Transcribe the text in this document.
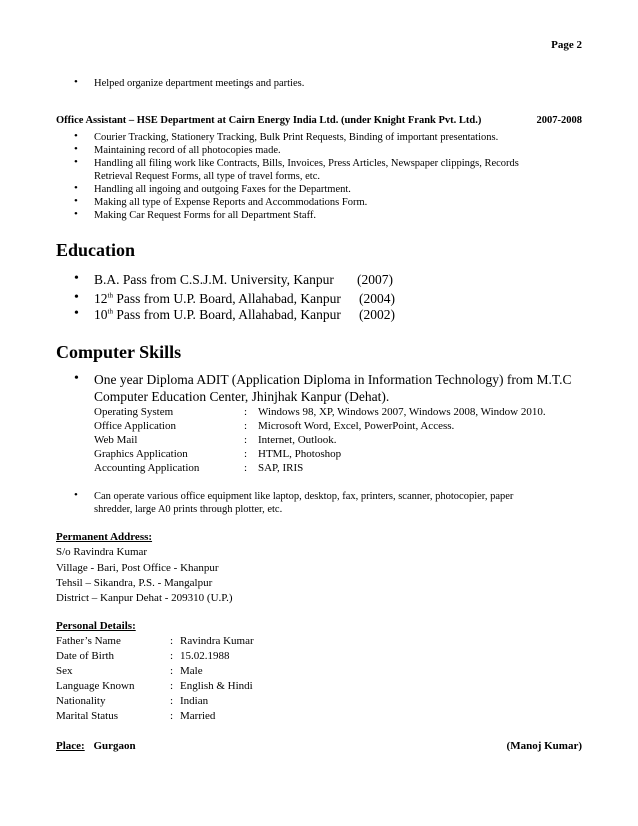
Page 2
• Helped organize department meetings and parties.
Office Assistant – HSE Department at Cairn Energy India Ltd. (under Knight Frank Pvt. Ltd.)	2007-2008
• Courier Tracking, Stationery Tracking, Bulk Print Requests, Binding of important presentations.
• Maintaining record of all photocopies made.
• Handling all filing work like Contracts, Bills, Invoices, Press Articles, Newspaper clippings, Records
Retrieval Request Forms, all type of travel forms, etc.
• Handling all ingoing and outgoing Faxes for the Department.
• Making all type of Expense Reports and Accommodations Form.
• Making Car Request Forms for all Department Staff.
Education
• B.A. Pass from C.S.J.M. University, Kanpur (2007)
• 12th Pass from U.P. Board, Allahabad, Kanpur (2004)
• 10th Pass from U.P. Board, Allahabad, Kanpur (2002)
Computer Skills
• One year Diploma ADIT (Application Diploma in Information Technology) from M.T.C
Computer Education Center, Jhinjhak Kanpur (Dehat).
Operating System	: Windows 98, XP, Windows 2007, Windows 2008, Window 2010.
Office Application	: Microsoft Word, Excel, PowerPoint, Access.
Web Mail	: Internet, Outlook.
Graphics Application	: HTML, Photoshop
Accounting Application	: SAP, IRIS
• Can operate various office equipment like laptop, desktop, fax, printers, scanner, photocopier, paper
shredder, large A0 prints through plotter, etc.
Permanent Address:
S/o Ravindra Kumar
Village - Bari, Post Office - Khanpur
Tehsil – Sikandra, P.S. - Mangalpur
District – Kanpur Dehat - 209310 (U.P.)
Personal Details:
Father’s Name	: Ravindra Kumar
Date of Birth	: 15.02.1988
Sex	: Male
Language Known	: English & Hindi
Nationality	: Indian
Marital Status	: Married
Place: Gurgaon	(Manoj Kumar)
